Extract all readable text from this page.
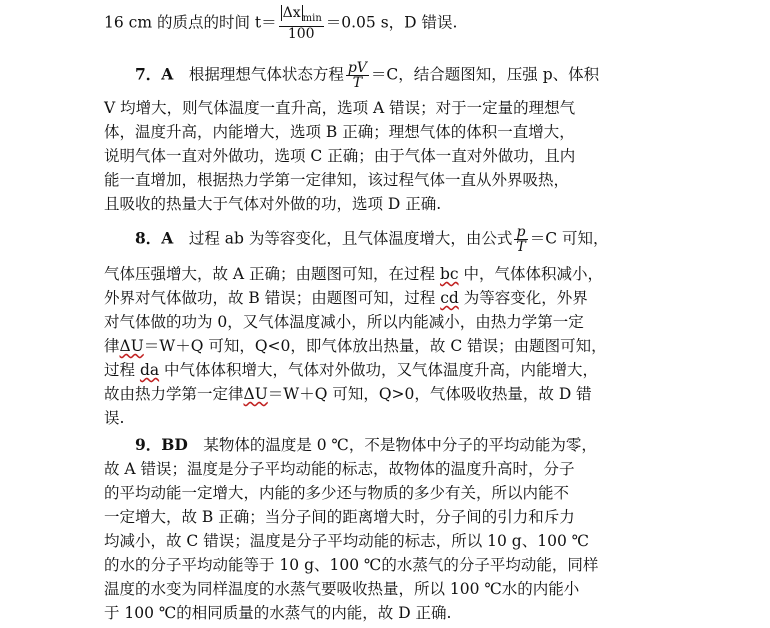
16 cm 的质点的时间 $t= \frac{\Delta x _{min}}{100} =0.05$ s，D 错误.
7．A　 根据理想气体状态方程 $\frac{pV}{T} =C$，结合题图知，压强 p、体积
V 均增大，则气体温度一直升高，选项 A 错误；对于一定量的理想气
体，温度升高，内能增大，选项 B 正确；理想气体的体积一直增大，
说明气体一直对外做功，选项 C 正确；由于气体一直对外做功，且内
能一直增加，根据热力学第一定律知，该过程气体一直从外界吸热，
且吸收的热量大于气体对外做的功，选项 D 正确.
8．A　 过程 ab 为等容变化，且气体温度增大，由公式 $\frac{p}{T} =C$ 可知，
气体压强增大，故 A 正确；由题图可知，在过程 bc 中，气体体积减小，
外界对气体做功，故 B 错误；由题图可知，过程 cd 为等容变化，外界
对气体做的功为 0，又气体温度减小，所以内能减小，由热力学第一定
律ΔU＝W＋Q 可知，Q<0，即气体放出热量，故 C 错误；由题图可知，
过程 da 中气体体积增大，气体对外做功，又气体温度升高，内能增大，
故由热力学第一定律ΔU＝W＋Q 可知，Q>0，气体吸收热量，故 D 错
误.
9．BD　 某物体的温度是 0 ℃，不是物体中分子的平均动能为零，
故 A 错误；温度是分子平均动能的标志，故物体的温度升高时，分子
的平均动能一定增大，内能的多少还与物质的多少有关，所以内能不
一定增大，故 B 正确；当分子间的距离增大时，分子间的引力和斥力
均减小，故 C 错误；温度是分子平均动能的标志，所以 10 g、100 ℃
的水的分子平均动能等于 10 g、100 ℃的水蒸气的分子平均动能，同样
温度的水变为同样温度的水蒸气要吸收热量，所以 100 ℃水的内能小
于 100 ℃的相同质量的水蒸气的内能，故 D 正确.
